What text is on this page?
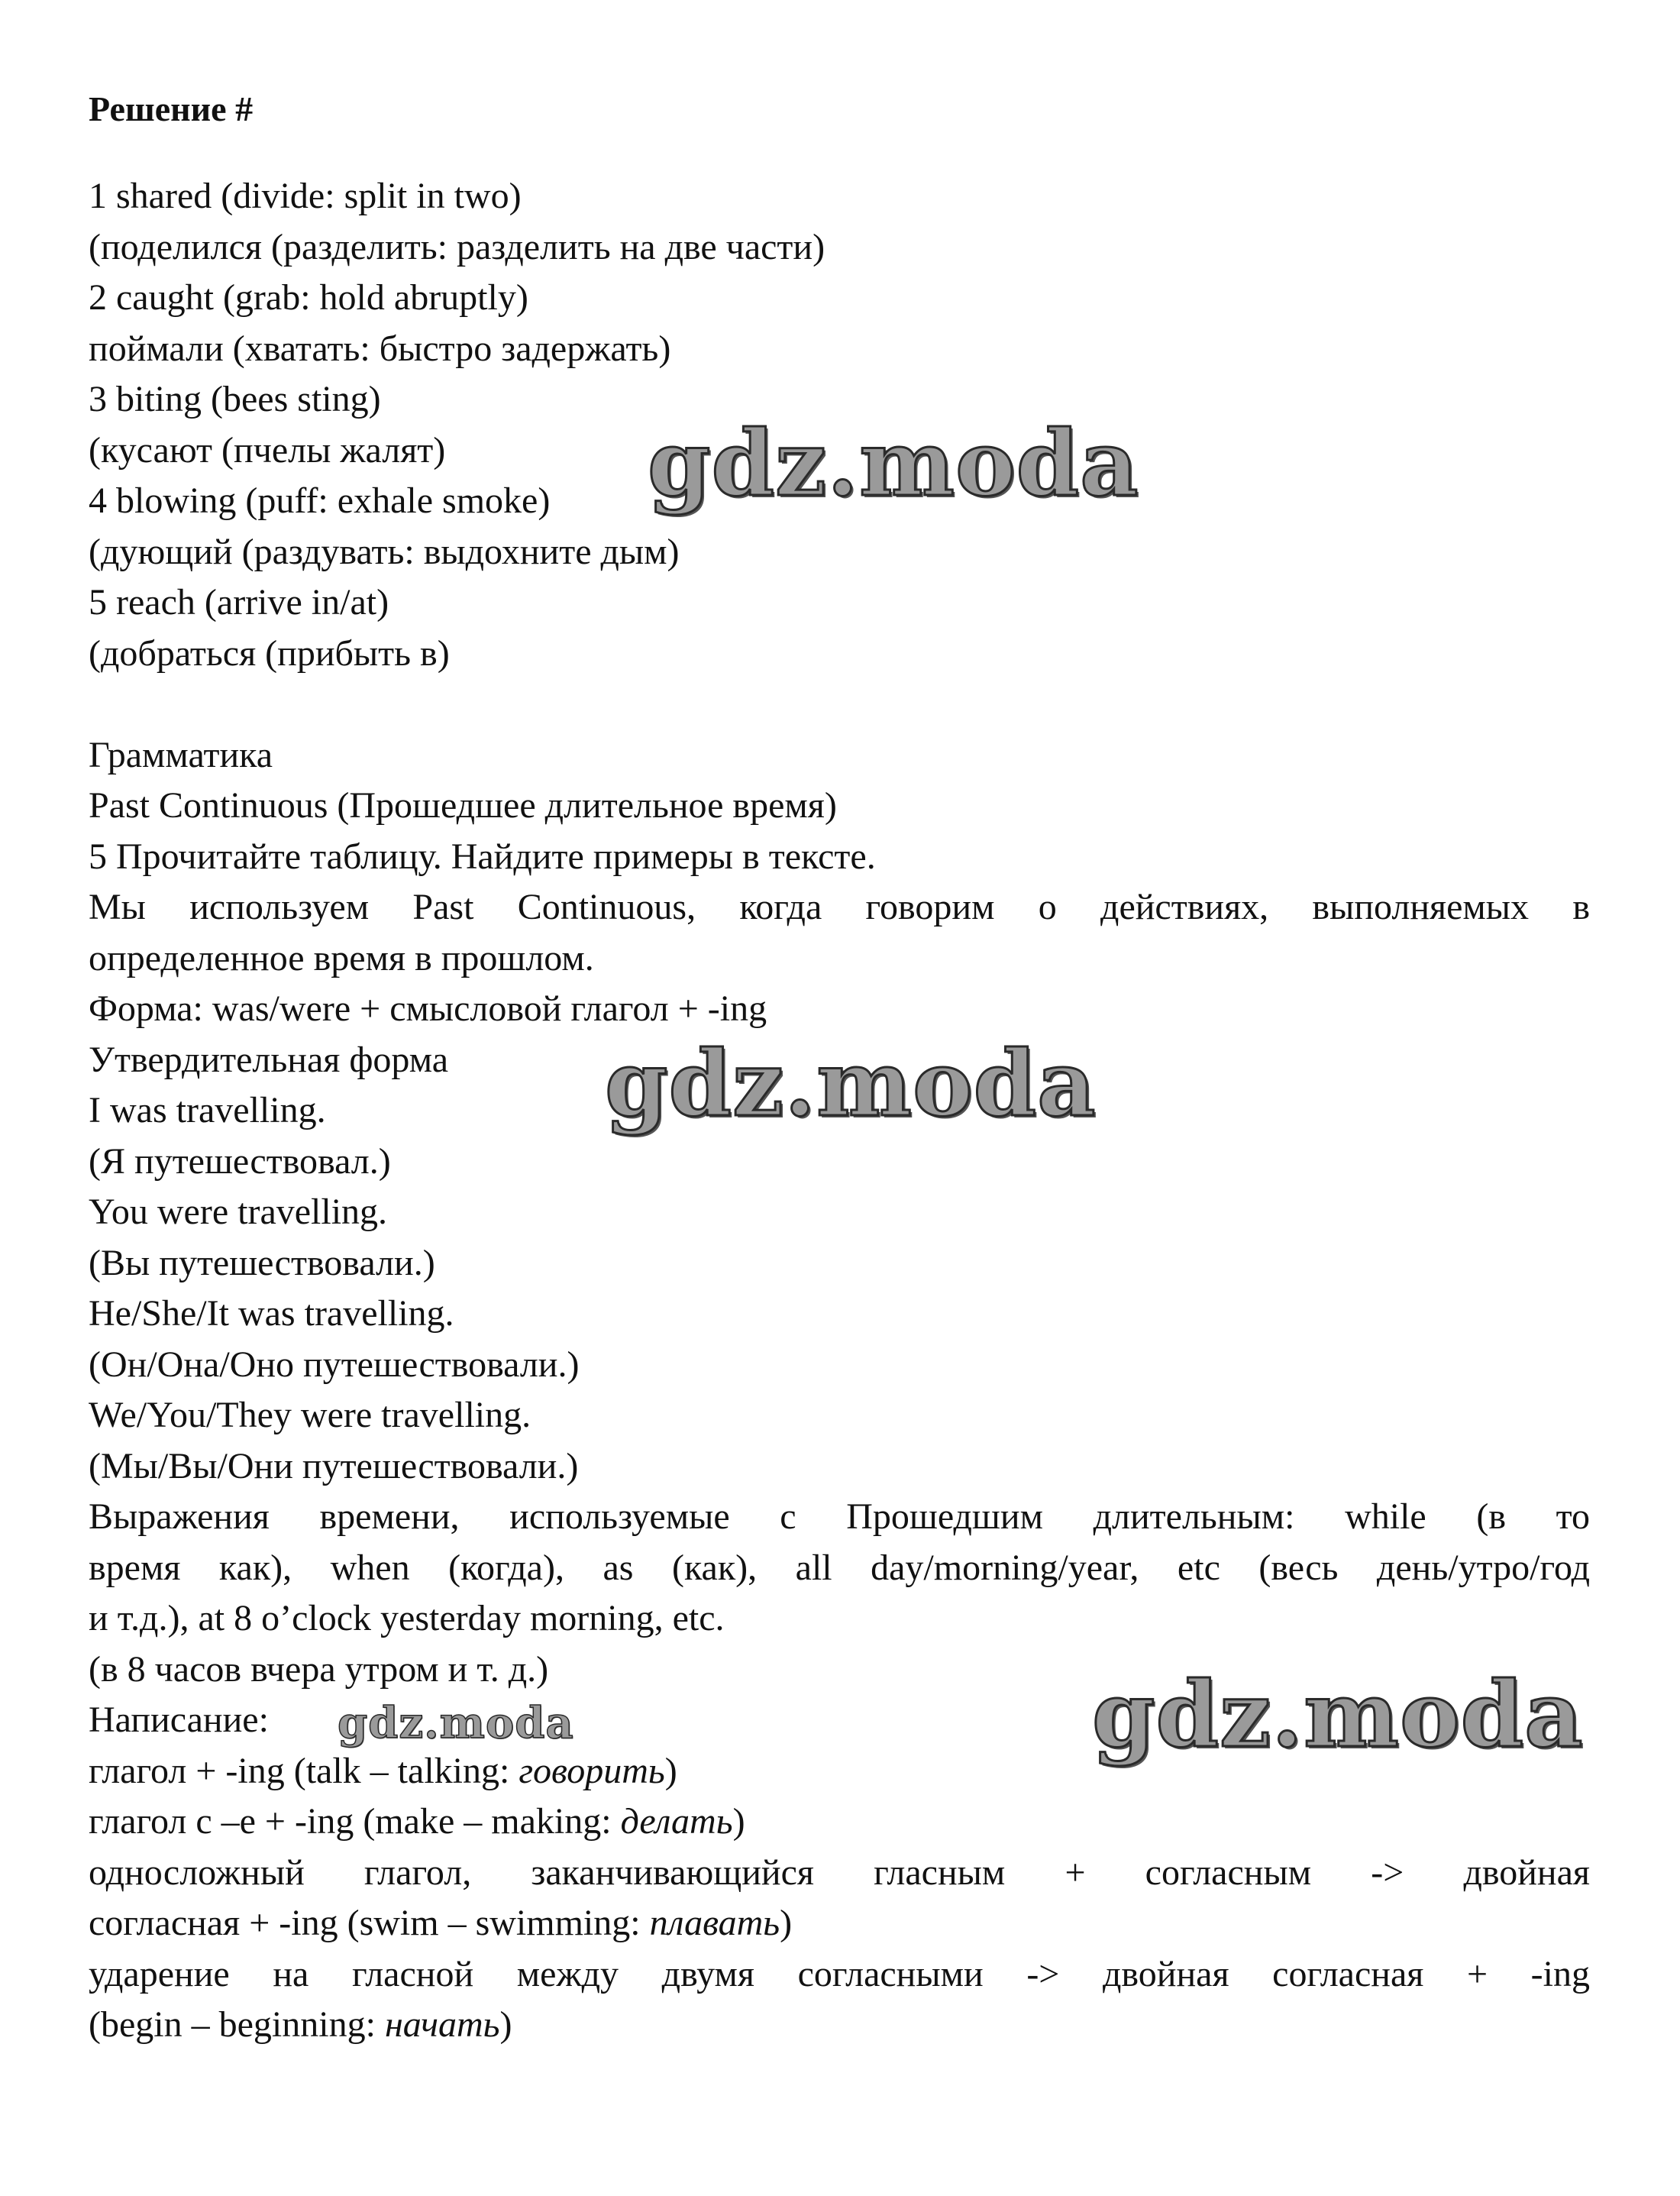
Решение #
1 shared (divide: split in two)
(поделился (разделить: разделить на две части)
2 caught (grab: hold abruptly)
поймали (хватать: быстро задержать)
3 biting (bees sting)
(кусают (пчелы жалят)
4 blowing (puff: exhale smoke)
(дующий (раздувать: выдохните дым)
5 reach (arrive in/at)
(добраться (прибыть в)
Грамматика
Past Continuous (Прошедшее длительное время)
5 Прочитайте таблицу. Найдите примеры в тексте.
Мы используем Past Continuous, когда говорим о действиях, выполняемых в
определенное время в прошлом.
Форма: was/were + смысловой глагол + -ing
Утвердительная форма
I was travelling.
(Я путешествовал.)
You were travelling.
(Вы путешествовали.)
He/She/It was travelling.
(Он/Она/Оно путешествовали.)
We/You/They were travelling.
(Мы/Вы/Они путешествовали.)
Выражения времени, используемые с Прошедшим длительным: while (в то
время как), when (когда), as (как), all day/morning/year, etc (весь день/утро/год
и т.д.), at 8 o’clock yesterday morning, etc.
(в 8 часов вчера утром и т. д.)
Написание:
глагол + -ing (talk – talking: говорить)
глагол с –е + -ing (make – making: делать)
односложный глагол, заканчивающийся гласным + согласным -> двойная
согласная + -ing (swim – swimming: плавать)
ударение на гласной между двумя согласными -> двойная согласная + -ing
(begin – beginning: начать)
gdz.moda
gdz.moda
gdz.moda
gdz.moda
